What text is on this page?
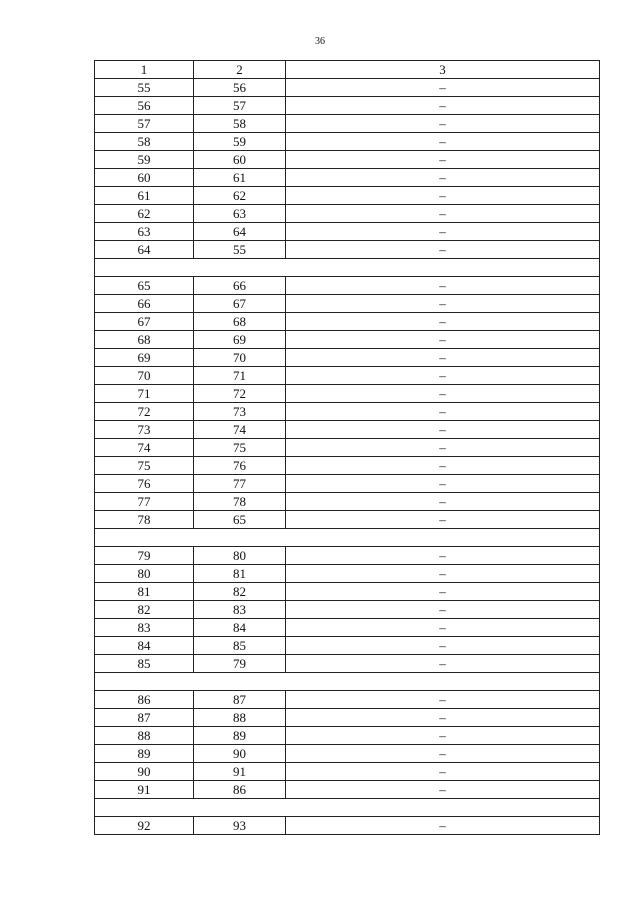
36
1	2	3
55	56	–
56	57	–
57	58	–
58	59	–
59	60	–
60	61	–
61	62	–
62	63	–
63	64	–
64	55	–

65	66	–
66	67	–
67	68	–
68	69	–
69	70	–
70	71	–
71	72	–
72	73	–
73	74	–
74	75	–
75	76	–
76	77	–
77	78	–
78	65	–

79	80	–
80	81	–
81	82	–
82	83	–
83	84	–
84	85	–
85	79	–

86	87	–
87	88	–
88	89	–
89	90	–
90	91	–
91	86	–

92	93	–
